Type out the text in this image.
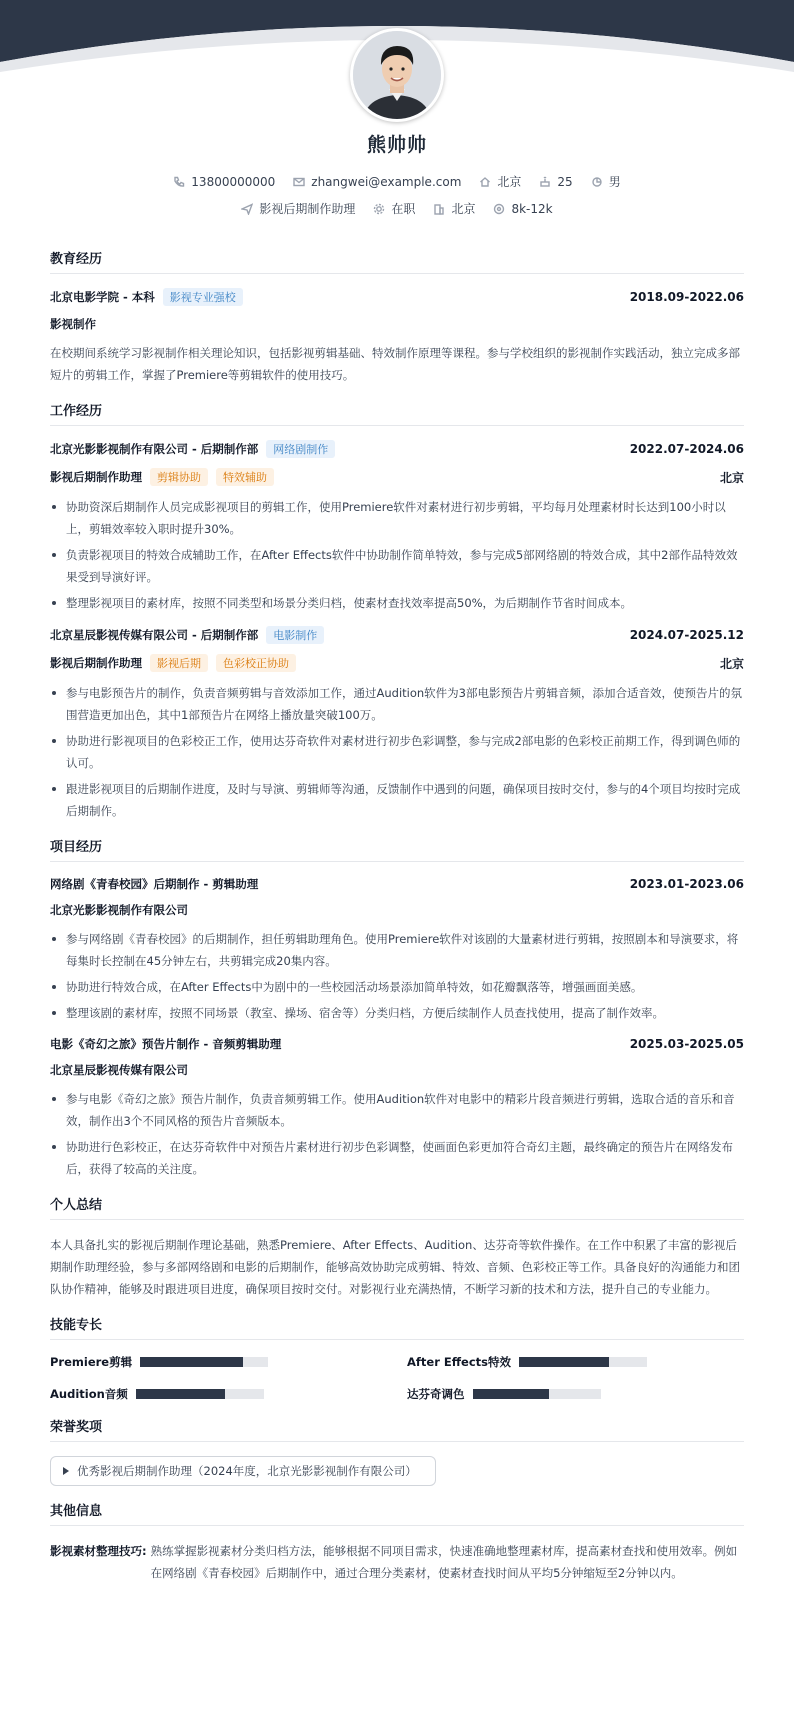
熊帅帅
13800000000	zhangwei@example.com	北京	25	男
影视后期制作助理	在职	北京	8k-12k
教育经历
北京电影学院 - 本科	影视专业强校	2018.09-2022.06
影视制作
在校期间系统学习影视制作相关理论知识，包括影视剪辑基础、特效制作原理等课程。参与学校组织的影视制作实践活动，独立完成多部短片的剪辑工作，掌握了Premiere等剪辑软件的使用技巧。
工作经历
北京光影影视制作有限公司 - 后期制作部	网络剧制作	2022.07-2024.06
影视后期制作助理	剪辑协助	特效辅助	北京
协助资深后期制作人员完成影视项目的剪辑工作，使用Premiere软件对素材进行初步剪辑，平均每月处理素材时长达到100小时以上，剪辑效率较入职时提升30%。
负责影视项目的特效合成辅助工作，在After Effects软件中协助制作简单特效，参与完成5部网络剧的特效合成，其中2部作品特效效果受到导演好评。
整理影视项目的素材库，按照不同类型和场景分类归档，使素材查找效率提高50%，为后期制作节省时间成本。
北京星辰影视传媒有限公司 - 后期制作部	电影制作	2024.07-2025.12
影视后期制作助理	影视后期	色彩校正协助	北京
参与电影预告片的制作，负责音频剪辑与音效添加工作，通过Audition软件为3部电影预告片剪辑音频，添加合适音效，使预告片的氛围营造更加出色，其中1部预告片在网络上播放量突破100万。
协助进行影视项目的色彩校正工作，使用达芬奇软件对素材进行初步色彩调整，参与完成2部电影的色彩校正前期工作，得到调色师的认可。
跟进影视项目的后期制作进度，及时与导演、剪辑师等沟通，反馈制作中遇到的问题，确保项目按时交付，参与的4个项目均按时完成后期制作。
项目经历
网络剧《青春校园》后期制作 - 剪辑助理	2023.01-2023.06
北京光影影视制作有限公司
参与网络剧《青春校园》的后期制作，担任剪辑助理角色。使用Premiere软件对该剧的大量素材进行剪辑，按照剧本和导演要求，将每集时长控制在45分钟左右，共剪辑完成20集内容。
协助进行特效合成，在After Effects中为剧中的一些校园活动场景添加简单特效，如花瓣飘落等，增强画面美感。
整理该剧的素材库，按照不同场景（教室、操场、宿舍等）分类归档，方便后续制作人员查找使用，提高了制作效率。
电影《奇幻之旅》预告片制作 - 音频剪辑助理	2025.03-2025.05
北京星辰影视传媒有限公司
参与电影《奇幻之旅》预告片制作，负责音频剪辑工作。使用Audition软件对电影中的精彩片段音频进行剪辑，选取合适的音乐和音效，制作出3个不同风格的预告片音频版本。
协助进行色彩校正，在达芬奇软件中对预告片素材进行初步色彩调整，使画面色彩更加符合奇幻主题，最终确定的预告片在网络发布后，获得了较高的关注度。
个人总结
本人具备扎实的影视后期制作理论基础，熟悉Premiere、After Effects、Audition、达芬奇等软件操作。在工作中积累了丰富的影视后期制作助理经验，参与多部网络剧和电影的后期制作，能够高效协助完成剪辑、特效、音频、色彩校正等工作。具备良好的沟通能力和团队协作精神，能够及时跟进项目进度，确保项目按时交付。对影视行业充满热情，不断学习新的技术和方法，提升自己的专业能力。
技能专长
Premiere剪辑	After Effects特效
Audition音频	达芬奇调色
荣誉奖项
优秀影视后期制作助理（2024年度，北京光影影视制作有限公司）
其他信息
影视素材整理技巧: 熟练掌握影视素材分类归档方法，能够根据不同项目需求，快速准确地整理素材库，提高素材查找和使用效率。例如在网络剧《青春校园》后期制作中，通过合理分类素材，使素材查找时间从平均5分钟缩短至2分钟以内。
